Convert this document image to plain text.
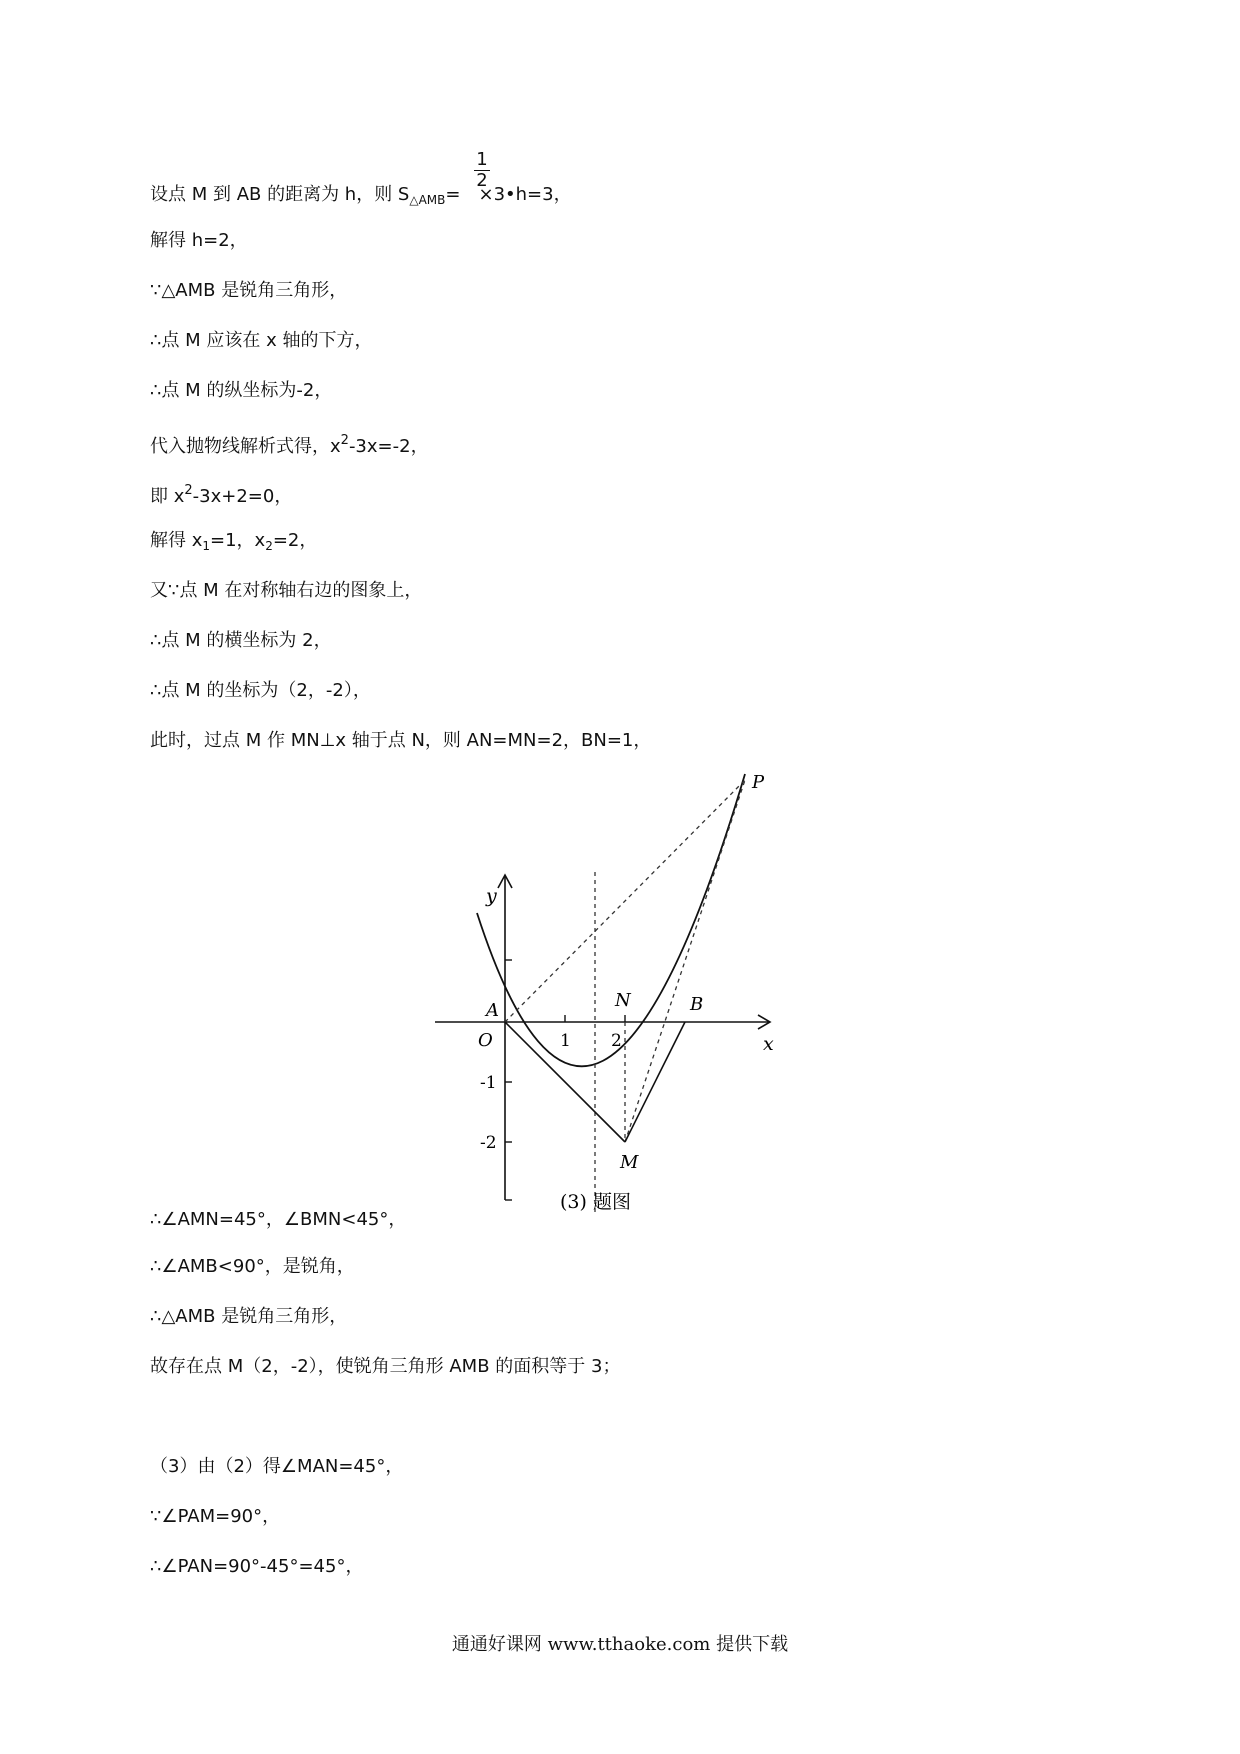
$\frac{1}{2}$
设点 M 到 AB 的距离为 h，则 $S_{\triangle AMB}=$ ×3•h=3，
解得 h=2，
∵△AMB 是锐角三角形，
∴点 M 应该在 x 轴的下方，
∴点 M 的纵坐标为-2，
代入抛物线解析式得，$x^2-3x=-2$，
即 $x^2-3x+2=0$，
解得 $x_1=1$，$x_2=2$，
又∵点 M 在对称轴右边的图象上，
∴点 M 的横坐标为 2，
∴点 M 的坐标为（2，-2），
此时，过点 M 作 MN⊥x 轴于点 N，则 AN=MN=2，BN=1，
y
x
A
O
N	B
M
P
1 2
-1
-2
(3) 题图
∴∠AMN=45°，∠BMN<45°，
∴∠AMB<90°，是锐角，
∴△AMB 是锐角三角形，
故存在点 M（2，-2），使锐角三角形 AMB 的面积等于 3；
（3）由（2）得∠MAN=45°，
∵∠PAM=90°，
∴∠PAN=90°-45°=45°，
通通好课网 www.tthaoke.com 提供下载
